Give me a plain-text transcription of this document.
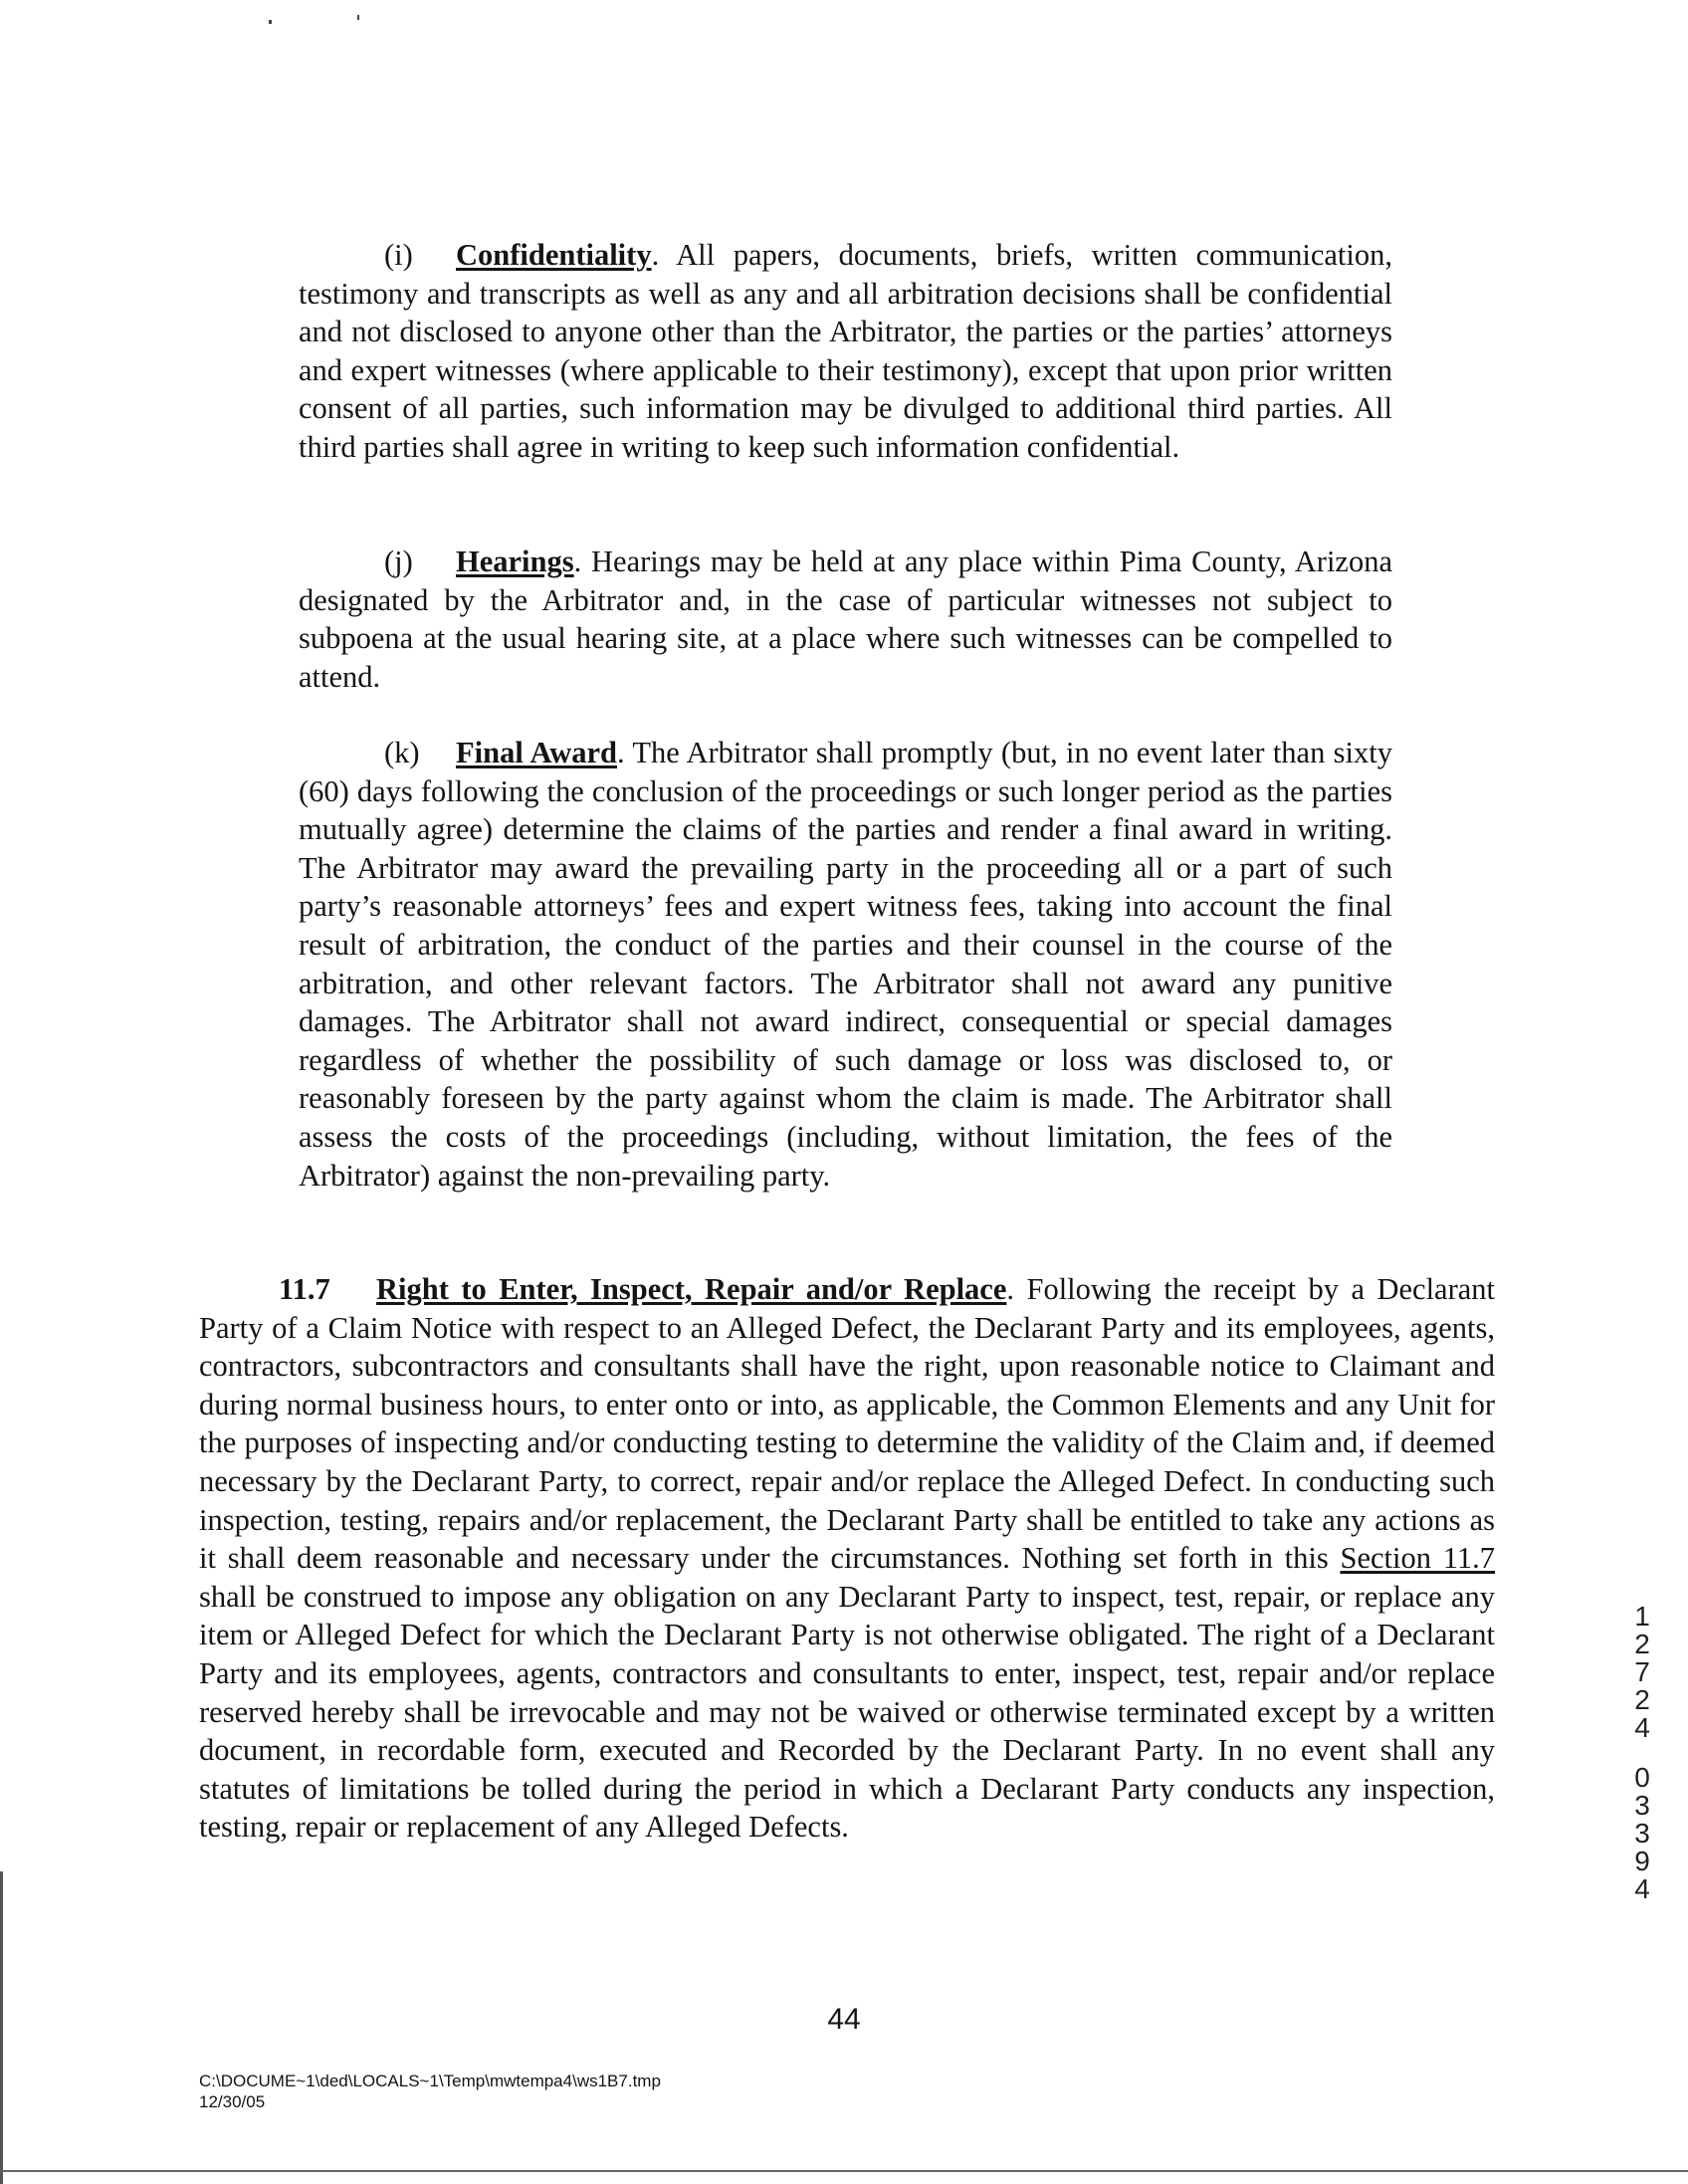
(i) Confidentiality. All papers, documents, briefs, written communication, testimony and transcripts as well as any and all arbitration decisions shall be confidential and not disclosed to anyone other than the Arbitrator, the parties or the parties’ attorneys and expert witnesses (where applicable to their testimony), except that upon prior written consent of all parties, such information may be divulged to additional third parties. All third parties shall agree in writing to keep such information confidential.

(j) Hearings. Hearings may be held at any place within Pima County, Arizona designated by the Arbitrator and, in the case of particular witnesses not subject to subpoena at the usual hearing site, at a place where such witnesses can be compelled to attend.

(k) Final Award. The Arbitrator shall promptly (but, in no event later than sixty (60) days following the conclusion of the proceedings or such longer period as the parties mutually agree) determine the claims of the parties and render a final award in writing. The Arbitrator may award the prevailing party in the proceeding all or a part of such party’s reasonable attorneys’ fees and expert witness fees, taking into account the final result of arbitration, the conduct of the parties and their counsel in the course of the arbitration, and other relevant factors. The Arbitrator shall not award any punitive damages. The Arbitrator shall not award indirect, consequential or special damages regardless of whether the possibility of such damage or loss was disclosed to, or reasonably foreseen by the party against whom the claim is made. The Arbitrator shall assess the costs of the proceedings (including, without limitation, the fees of the Arbitrator) against the non-prevailing party.

11.7 Right to Enter, Inspect, Repair and/or Replace. Following the receipt by a Declarant Party of a Claim Notice with respect to an Alleged Defect, the Declarant Party and its employees, agents, contractors, subcontractors and consultants shall have the right, upon reasonable notice to Claimant and during normal business hours, to enter onto or into, as applicable, the Common Elements and any Unit for the purposes of inspecting and/or conducting testing to determine the validity of the Claim and, if deemed necessary by the Declarant Party, to correct, repair and/or replace the Alleged Defect. In conducting such inspection, testing, repairs and/or replacement, the Declarant Party shall be entitled to take any actions as it shall deem reasonable and necessary under the circumstances. Nothing set forth in this Section 11.7 shall be construed to impose any obligation on any Declarant Party to inspect, test, repair, or replace any item or Alleged Defect for which the Declarant Party is not otherwise obligated. The right of a Declarant Party and its employees, agents, contractors and consultants to enter, inspect, test, repair and/or replace reserved hereby shall be irrevocable and may not be waived or otherwise terminated except by a written document, in recordable form, executed and Recorded by the Declarant Party. In no event shall any statutes of limitations be tolled during the period in which a Declarant Party conducts any inspection, testing, repair or replacement of any Alleged Defects.

1
2
7
2
4
0
3
3
9
4
44
C:\DOCUME~1\ded\LOCALS~1\Temp\mwtempa4\ws1B7.tmp
12/30/05
